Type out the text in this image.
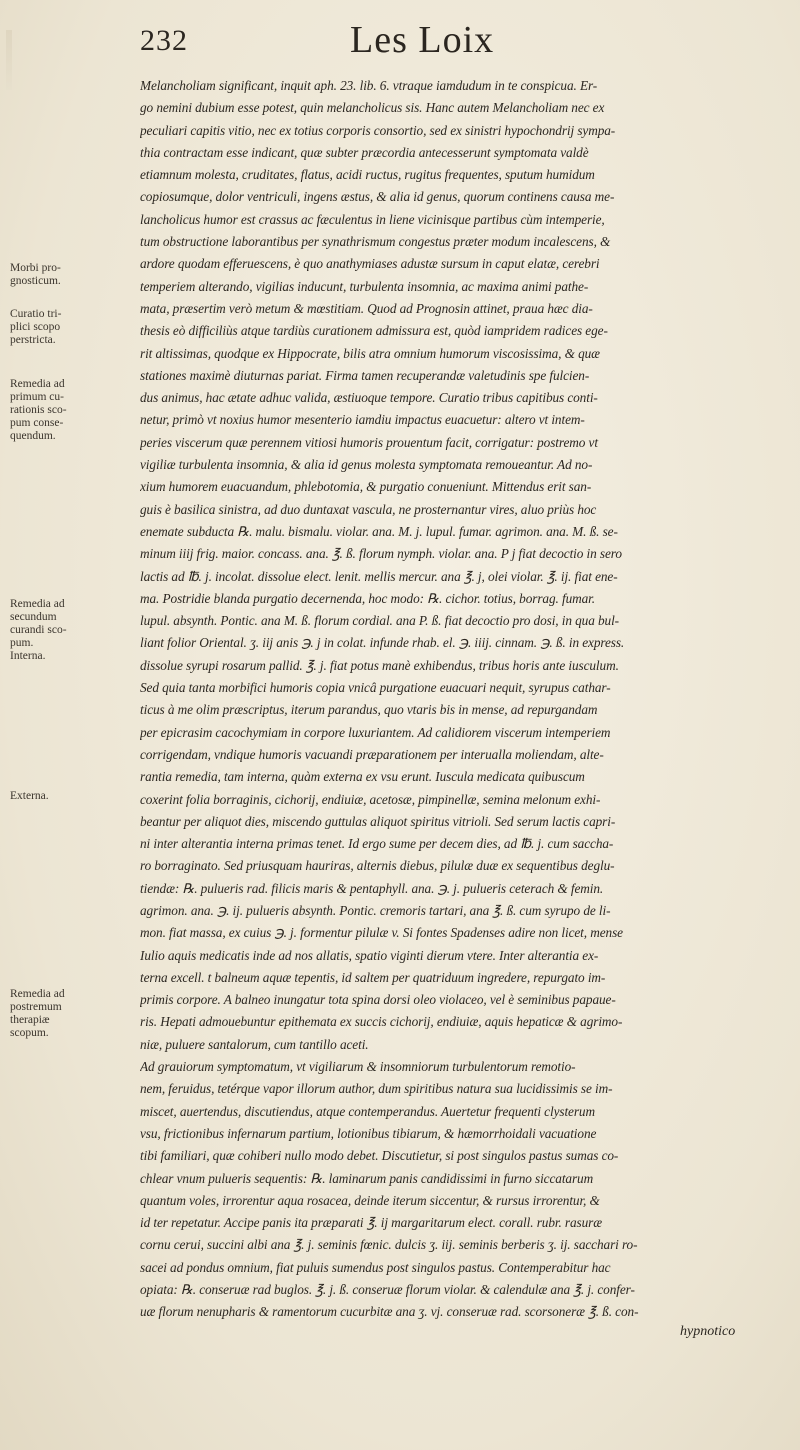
232	Les Loix
Morbi pro-
gnosticum.
Curatio tri-
plici scopo
perstricta.
Remedia ad
primum cu-
rationis sco-
pum conse-
quendum.
Remedia ad
secundum
curandi sco-
pum.
Interna.
Externa.
Remedia ad
postremum
therapiæ
scopum.
Melancholiam significant, inquit aph. 23. lib. 6. vtraque iamdudum in te conspicua. Er-
go nemini dubium esse potest, quin melancholicus sis. Hanc autem Melancholiam nec ex
peculiari capitis vitio, nec ex totius corporis consortio, sed ex sinistri hypochondrij sympa-
thia contractam esse indicant, quæ subter præcordia antecesserunt symptomata valdè
etiamnum molesta, cruditates, flatus, acidi ructus, rugitus frequentes, sputum humidum
copiosumque, dolor ventriculi, ingens æstus, & alia id genus, quorum continens causa me-
lancholicus humor est crassus ac fæculentus in liene vicinisque partibus cùm intemperie,
tum obstructione laborantibus per synathrismum congestus præter modum incalescens, &
ardore quodam efferuescens, è quo anathymiases adustæ sursum in caput elatæ, cerebri
temperiem alterando, vigilias inducunt, turbulenta insomnia, ac maxima animi pathe-
mata, præsertim verò metum & mœstitiam. Quod ad Prognosin attinet, praua hæc dia-
thesis eò difficiliùs atque tardiùs curationem admissura est, quòd iampridem radices ege-
rit altissimas, quodque ex Hippocrate, bilis atra omnium humorum viscosissima, & quæ
stationes maximè diuturnas pariat. Firma tamen recuperandæ valetudinis spe fulcien-
dus animus, hac ætate adhuc valida, æstiuoque tempore. Curatio tribus capitibus conti-
netur, primò vt noxius humor mesenterio iamdiu impactus euacuetur: altero vt intem-
peries viscerum quæ perennem vitiosi humoris prouentum facit, corrigatur: postremo vt
vigiliæ turbulenta insomnia, & alia id genus molesta symptomata remoueantur. Ad no-
xium humorem euacuandum, phlebotomia, & purgatio conueniunt. Mittendus erit san-
guis è basilica sinistra, ad duo duntaxat vascula, ne prosternantur vires, aluo priùs hoc
enemate subducta ℞. malu. bismalu. violar. ana. M. j. lupul. fumar. agrimon. ana. M. ß. se-
minum iiij frig. maior. concass. ana. ℥. ß. florum nymph. violar. ana. P j fiat decoctio in sero
lactis ad ℔. j. incolat. dissolue elect. lenit. mellis mercur. ana ℥. j, olei violar. ℥. ij. fiat ene-
ma. Postridie blanda purgatio decernenda, hoc modo: ℞. cichor. totius, borrag. fumar.
lupul. absynth. Pontic. ana M. ß. florum cordial. ana P. ß. fiat decoctio pro dosi, in qua bul-
liant folior Oriental. ʒ. iij anis ℈. j in colat. infunde rhab. el. ℈. iiij. cinnam. ℈. ß. in express.
dissolue syrupi rosarum pallid. ℥. j. fiat potus manè exhibendus, tribus horis ante iusculum.
Sed quia tanta morbifici humoris copia vnicâ purgatione euacuari nequit, syrupus cathar-
ticus à me olim præscriptus, iterum parandus, quo vtaris bis in mense, ad repurgandam
per epicrasim cacochymiam in corpore luxuriantem. Ad calidiorem viscerum intemperiem
corrigendam, vndique humoris vacuandi præparationem per interualla moliendam, alte-
rantia remedia, tam interna, quàm externa ex vsu erunt. Iuscula medicata quibuscum
coxerint folia borraginis, cichorij, endiuiæ, acetosæ, pimpinellæ, semina melonum exhi-
beantur per aliquot dies, miscendo guttulas aliquot spiritus vitrioli. Sed serum lactis capri-
ni inter alterantia interna primas tenet. Id ergo sume per decem dies, ad ℔. j. cum saccha-
ro borraginato. Sed priusquam hauriras, alternis diebus, pilulæ duæ ex sequentibus deglu-
tiendæ: ℞. pulueris rad. filicis maris & pentaphyll. ana. ℈. j. pulueris ceterach & femin.
agrimon. ana. ℈. ij. pulueris absynth. Pontic. cremoris tartari, ana ℥. ß. cum syrupo de li-
mon. fiat massa, ex cuius ℈. j. formentur pilulæ v. Si fontes Spadenses adire non licet, mense
Iulio aquis medicatis inde ad nos allatis, spatio viginti dierum vtere. Inter alterantia ex-
terna excell. t balneum aquæ tepentis, id saltem per quatriduum ingredere, repurgato im-
primis corpore. A balneo inungatur tota spina dorsi oleo violaceo, vel è seminibus papaue-
ris. Hepati admouebuntur epithemata ex succis cichorij, endiuiæ, aquis hepaticæ & agrimo-
niæ, puluere santalorum, cum tantillo aceti.
Ad grauiorum symptomatum, vt vigiliarum & insomniorum turbulentorum remotio-
nem, feruidus, tetérque vapor illorum author, dum spiritibus natura sua lucidissimis se im-
miscet, auertendus, discutiendus, atque contemperandus. Auertetur frequenti clysterum
vsu, frictionibus infernarum partium, lotionibus tibiarum, & hæmorrhoidali vacuatione
tibi familiari, quæ cohiberi nullo modo debet. Discutietur, si post singulos pastus sumas co-
chlear vnum pulueris sequentis: ℞. laminarum panis candidissimi in furno siccatarum
quantum voles, irrorentur aqua rosacea, deinde iterum siccentur, & rursus irrorentur, &
id ter repetatur. Accipe panis ita præparati ℥. ij margaritarum elect. corall. rubr. rasuræ
cornu cerui, succini albi ana ℥. j. seminis fœnic. dulcis ʒ. iij. seminis berberis ʒ. ij. sacchari ro-
sacei ad pondus omnium, fiat puluis sumendus post singulos pastus. Contemperabitur hac
opiata: ℞. conseruæ rad buglos. ℥. j. ß. conseruæ florum violar. & calendulæ ana ℥. j. confer-
uæ florum nenupharis & ramentorum cucurbitæ ana ʒ. vj. conseruæ rad. scorsoneræ ℥. ß. con-
hypnotico
